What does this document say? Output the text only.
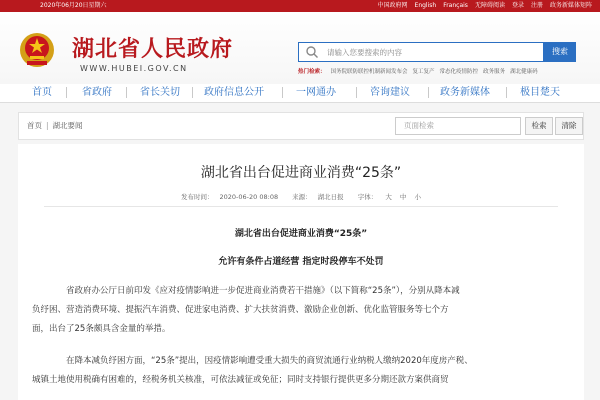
2020年06月20日星期六	中国政府网 English Français 无障碍阅读 登录 注册 政务新媒体矩阵
湖北省人民政府
WWW.HUBEI.GOV.CN
请输入您要搜索的内容	搜索
热门检索： 国务院联防联控机制新闻发布会 复工复产 常态化疫情防控 政务服务 湖北健康码
首页	省政府	省长关切 政府信息公开	一网通办	咨询建议	政务新媒体	极目楚天
首页 | 湖北要闻	页面检索	检索	清除
湖北省出台促进商业消费“25条”
发布时间： 2020-06-20 08:08 来源： 湖北日报 字体： 大 中 小
湖北省出台促进商业消费“25条”
允许有条件占道经营 指定时段停车不处罚
省政府办公厅日前印发《应对疫情影响进一步促进商业消费若干措施》（以下简称“25条”），分别从降本减
负纾困、营造消费环境、提振汽车消费、促进家电消费、扩大扶贫消费、激励企业创新、优化监管服务等七个方
面，出台了25条颇具含金量的举措。
在降本减负纾困方面，“25条”提出，因疫情影响遭受重大损失的商贸流通行业纳税人缴纳2020年度房产税、
城镇土地使用税确有困难的，经税务机关核准，可依法减征或免征；同时支持银行提供更多分期还款方案供商贸
